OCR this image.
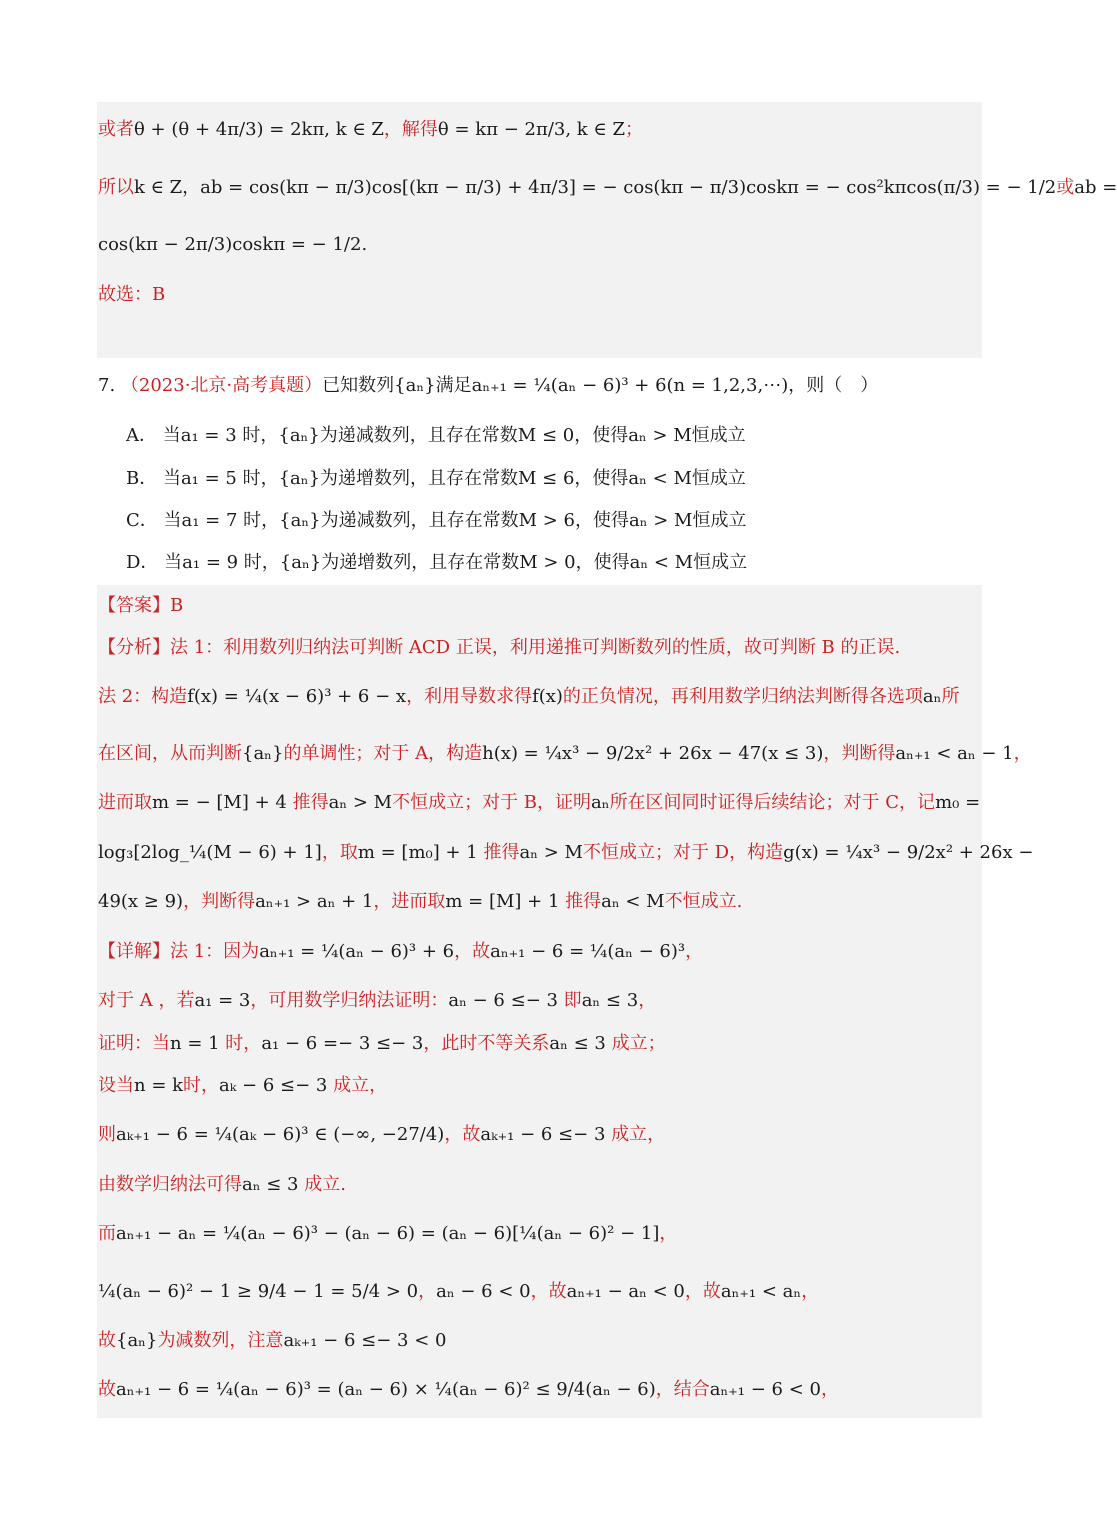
或者θ + (θ + 4π/3) = 2kπ, k ∈ Z，解得θ = kπ − 2π/3, k ∈ Z；
所以k ∈ Z，ab = cos(kπ − π/3)cos[(kπ − π/3) + 4π/3] = − cos(kπ − π/3)coskπ = − cos²kπcos(π/3) = − 1/2或ab =
cos(kπ − 2π/3)coskπ = − 1/2.
故选：B
7. （2023·北京·高考真题）已知数列{aₙ}满足aₙ₊₁ = ¼(aₙ − 6)³ + 6(n = 1,2,3,⋯)，则（　）
A． 当a₁ = 3 时，{aₙ}为递减数列，且存在常数M ≤ 0，使得aₙ > M恒成立
B． 当a₁ = 5 时，{aₙ}为递增数列，且存在常数M ≤ 6，使得aₙ < M恒成立
C． 当a₁ = 7 时，{aₙ}为递减数列，且存在常数M > 6，使得aₙ > M恒成立
D． 当a₁ = 9 时，{aₙ}为递增数列，且存在常数M > 0，使得aₙ < M恒成立
【答案】B
【分析】法 1：利用数列归纳法可判断 ACD 正误，利用递推可判断数列的性质，故可判断 B 的正误.
法 2：构造f(x) = ¼(x − 6)³ + 6 − x，利用导数求得f(x)的正负情况，再利用数学归纳法判断得各选项aₙ所
在区间，从而判断{aₙ}的单调性；对于 A，构造h(x) = ¼x³ − 9/2x² + 26x − 47(x ≤ 3)，判断得aₙ₊₁ < aₙ − 1，
进而取m = − [M] + 4 推得aₙ > M不恒成立；对于 B，证明aₙ所在区间同时证得后续结论；对于 C，记m₀ =
log₃[2log_¼(M − 6) + 1]，取m = [m₀] + 1 推得aₙ > M不恒成立；对于 D，构造g(x) = ¼x³ − 9/2x² + 26x −
49(x ≥ 9)，判断得aₙ₊₁ > aₙ + 1，进而取m = [M] + 1 推得aₙ < M不恒成立.
【详解】法 1：因为aₙ₊₁ = ¼(aₙ − 6)³ + 6，故aₙ₊₁ − 6 = ¼(aₙ − 6)³，
对于 A ，若a₁ = 3，可用数学归纳法证明：aₙ − 6 ≤− 3 即aₙ ≤ 3，
证明：当n = 1 时，a₁ − 6 =− 3 ≤− 3，此时不等关系aₙ ≤ 3 成立；
设当n = k时，aₖ − 6 ≤− 3 成立，
则aₖ₊₁ − 6 = ¼(aₖ − 6)³ ∈ (−∞, −27/4)，故aₖ₊₁ − 6 ≤− 3 成立，
由数学归纳法可得aₙ ≤ 3 成立.
而aₙ₊₁ − aₙ = ¼(aₙ − 6)³ − (aₙ − 6) = (aₙ − 6)[¼(aₙ − 6)² − 1]，
¼(aₙ − 6)² − 1 ≥ 9/4 − 1 = 5/4 > 0，aₙ − 6 < 0，故aₙ₊₁ − aₙ < 0，故aₙ₊₁ < aₙ，
故{aₙ}为减数列，注意aₖ₊₁ − 6 ≤− 3 < 0
故aₙ₊₁ − 6 = ¼(aₙ − 6)³ = (aₙ − 6) × ¼(aₙ − 6)² ≤ 9/4(aₙ − 6)，结合aₙ₊₁ − 6 < 0，
